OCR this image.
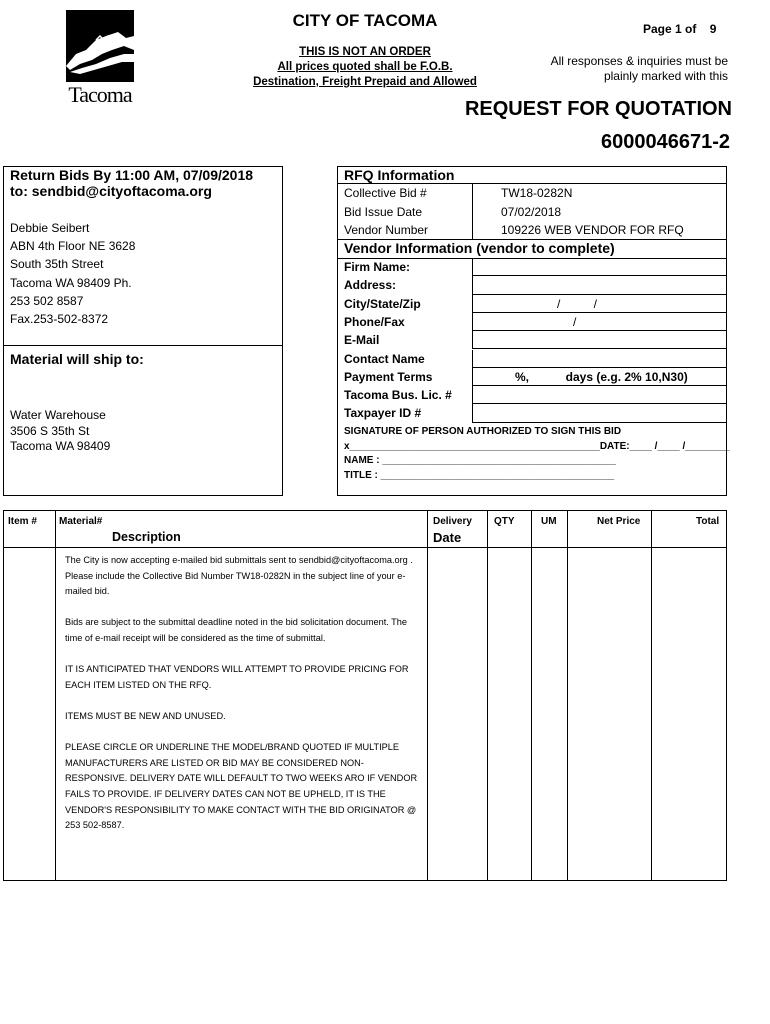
Tacoma
CITY OF TACOMA
THIS IS NOT AN ORDER
All prices quoted shall be F.O.B.
Destination, Freight Prepaid and Allowed
Page 1 of 9
All responses & inquiries must be
plainly marked with this
REQUEST FOR QUOTATION
6000046671-2
Return Bids By 11:00 AM, 07/09/2018
to: sendbid@cityoftacoma.org
Debbie Seibert
ABN 4th Floor NE 3628
South 35th Street
Tacoma WA 98409 Ph.
253 502 8587
Fax.253-502-8372
Material will ship to:
Water Warehouse
3506 S 35th St
Tacoma WA 98409
RFQ Information
Collective Bid #	TW18-0282N
Bid Issue Date	07/02/2018
Vendor Number	109226 WEB VENDOR FOR RFQ
Vendor Information (vendor to complete)
Firm Name:
Address:
City/State/Zip	/          /
Phone/Fax	/
E-Mail
Contact Name
Payment Terms	%,           days (e.g. 2% 10,N30)
Tacoma Bus. Lic. #
Taxpayer ID #
SIGNATURE OF PERSON AUTHORIZED TO SIGN THIS BID
x_____________________________________________DATE:____ /____ /________
NAME : __________________________________________
TITLE : __________________________________________
Item # Material#
Description
Delivery
Date
QTY	UM	Net Price	Total

The City is now accepting e-mailed bid submittals sent to sendbid@cityoftacoma.org . Please include the Collective Bid Number TW18-0282N in the subject line of your e-mailed bid.

Bids are subject to the submittal deadline noted in the bid solicitation document. The time of e-mail receipt will be considered as the time of submittal.

IT IS ANTICIPATED THAT VENDORS WILL ATTEMPT TO PROVIDE PRICING FOR EACH ITEM LISTED ON THE RFQ.

ITEMS MUST BE NEW AND UNUSED.

PLEASE CIRCLE OR UNDERLINE THE MODEL/BRAND QUOTED IF MULTIPLE MANUFACTURERS ARE LISTED OR BID MAY BE CONSIDERED NON-RESPONSIVE. DELIVERY DATE WILL DEFAULT TO TWO WEEKS ARO IF VENDOR FAILS TO PROVIDE. IF DELIVERY DATES CAN NOT BE UPHELD, IT IS THE VENDOR'S RESPONSIBILITY TO MAKE CONTACT WITH THE BID ORIGINATOR @ 253 502-8587.
